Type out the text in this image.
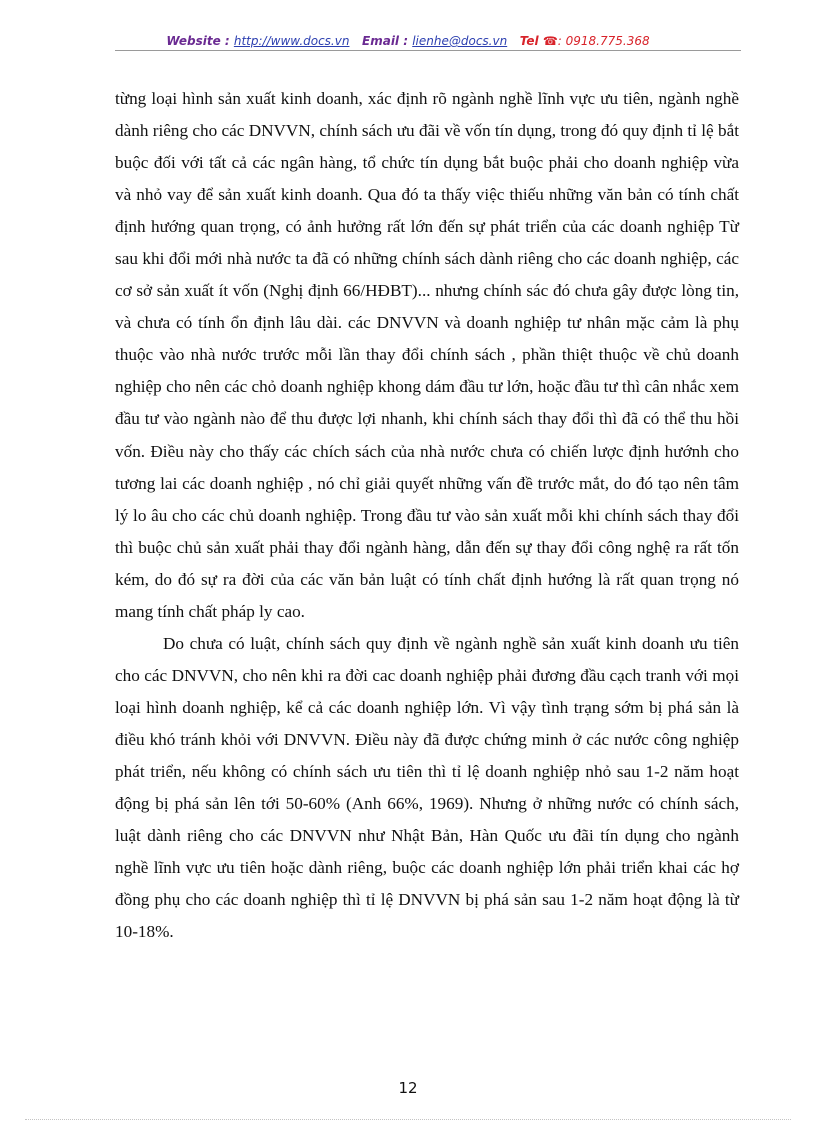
Website : http://www.docs.vn Email : lienhe@docs.vn Tel ☎: 0918.775.368

từng loại hình sản xuất kinh doanh, xác định rõ ngành nghề lĩnh vực ưu tiên, ngành nghề dành riêng cho các DNVVN, chính sách ưu đãi về vốn tín dụng, trong đó quy định tỉ lệ bắt buộc đối với tất cả các ngân hàng, tổ chức tín dụng bắt buộc phải cho doanh nghiệp vừa và nhỏ vay để sản xuất kinh doanh. Qua đó ta thấy việc thiếu những văn bản có tính chất định hướng quan trọng, có ảnh hưởng rất lớn đến sự phát triển của các doanh nghiệp Từ sau khi đổi mới nhà nước ta đã có những chính sách dành riêng cho các doanh nghiệp, các cơ sở sản xuất ít vốn (Nghị định 66/HĐBT)... nhưng chính sác đó chưa gây được lòng tin, và chưa có tính ổn định lâu dài. các DNVVN và doanh nghiệp tư nhân mặc cảm là phụ thuộc vào nhà nước trước mỗi lần thay đổi chính sách , phần thiệt thuộc về chủ doanh nghiệp cho nên các chỏ doanh nghiệp khong dám đầu tư lớn, hoặc đầu tư thì cân nhắc xem đầu tư vào ngành nào để thu được lợi nhanh, khi chính sách thay đổi thì đã có thể thu hồi vốn. Điều này cho thấy các chích sách của nhà nước chưa có chiến lược định hướnh cho tương lai các doanh nghiệp , nó chỉ giải quyết những vấn đề trước mắt, do đó tạo nên tâm lý lo âu cho các chủ doanh nghiệp. Trong đầu tư vào sản xuất mỗi khi chính sách thay đổi thì buộc chủ sản xuất phải thay đổi ngành hàng, dẫn đến sự thay đổi công nghệ ra rất tốn kém, do đó sự ra đời của các văn bản luật có tính chất định hướng là rất quan trọng nó mang tính chất pháp ly cao.

Do chưa có luật, chính sách quy định về ngành nghề sản xuất kinh doanh ưu tiên cho các DNVVN, cho nên khi ra đời cac doanh nghiệp phải đương đầu cạch tranh với mọi loại hình doanh nghiệp, kể cả các doanh nghiệp lớn. Vì vậy tình trạng sớm bị phá sản là điều khó tránh khỏi với DNVVN. Điều này đã được chứng minh ở các nước công nghiệp phát triển, nếu không có chính sách ưu tiên thì tỉ lệ doanh nghiệp nhỏ sau 1-2 năm hoạt động bị phá sản lên tới 50-60% (Anh 66%, 1969). Nhưng ở những nước có chính sách, luật dành riêng cho các DNVVN như Nhật Bản, Hàn Quốc ưu đãi tín dụng cho ngành nghề lĩnh vực ưu tiên hoặc dành riêng, buộc các doanh nghiệp lớn phải triển khai các hợ đồng phụ cho các doanh nghiệp thì tỉ lệ DNVVN bị phá sản sau 1-2 năm hoạt động là từ 10-18%.

12
